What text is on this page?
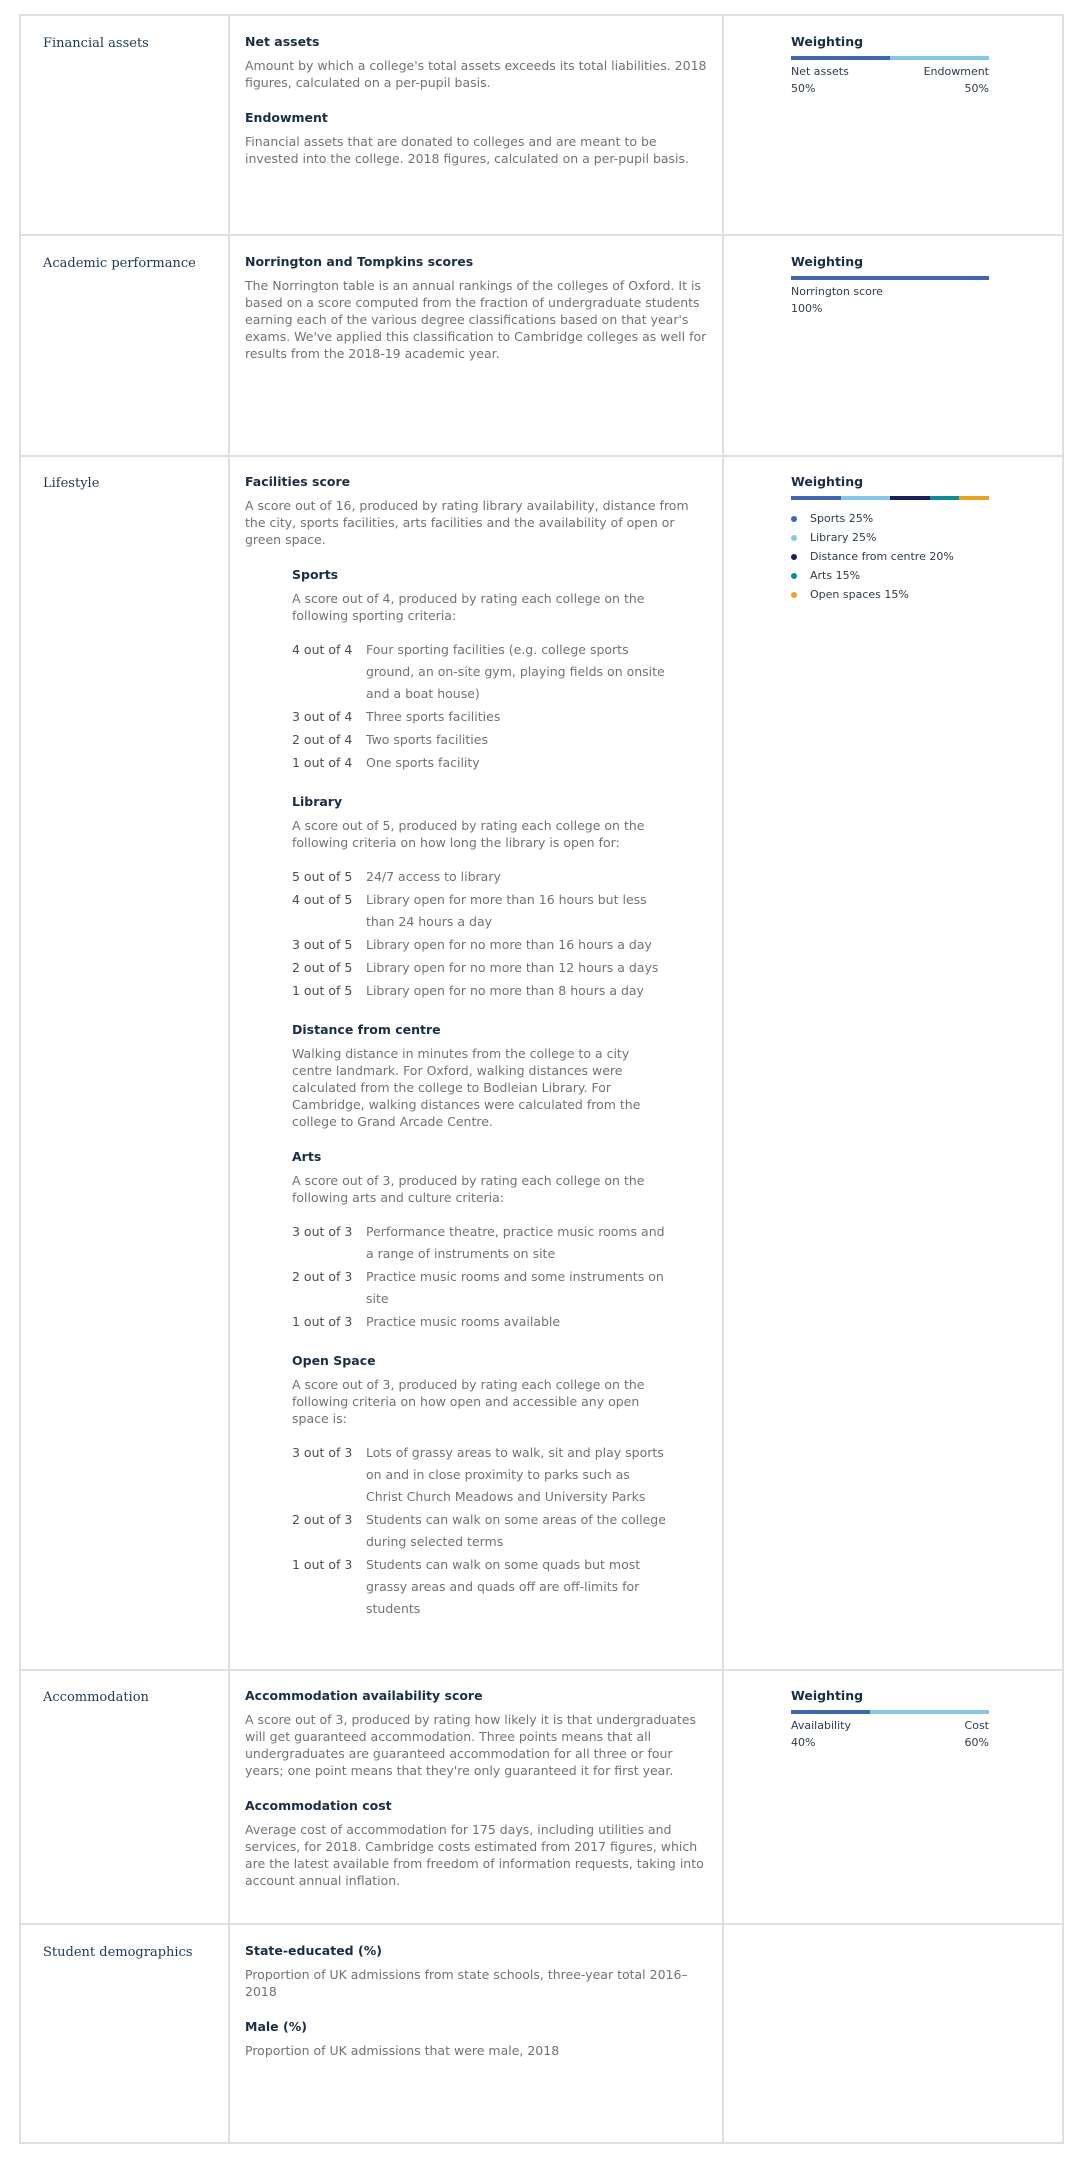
Financial assets	Net assets
Amount by which a college's total assets exceeds its total liabilities. 2018 figures, calculated on a per-pupil basis.
Endowment
Financial assets that are donated to colleges and are meant to be invested into the college. 2018 figures, calculated on a per-pupil basis.
Weighting
Net assets	Endowment
50%	50%
Academic performance	Norrington and Tompkins scores
The Norrington table is an annual rankings of the colleges of Oxford. It is based on a score computed from the fraction of undergraduate students earning each of the various degree classifications based on that year's exams. We've applied this classification to Cambridge colleges as well for results from the 2018-19 academic year.
Weighting
Norrington score
100%
Lifestyle	Facilities score
A score out of 16, produced by rating library availability, distance from the city, sports facilities, arts facilities and the availability of open or green space.
Sports
A score out of 4, produced by rating each college on the following sporting criteria:
4 out of 4	Four sporting facilities (e.g. college sports ground, an on-site gym, playing fields on onsite and a boat house)
3 out of 4	Three sports facilities
2 out of 4	Two sports facilities
1 out of 4	One sports facility
Library
A score out of 5, produced by rating each college on the following criteria on how long the library is open for:
5 out of 5	24/7 access to library
4 out of 5	Library open for more than 16 hours but less than 24 hours a day
3 out of 5	Library open for no more than 16 hours a day
2 out of 5	Library open for no more than 12 hours a days
1 out of 5	Library open for no more than 8 hours a day
Distance from centre
Walking distance in minutes from the college to a city centre landmark. For Oxford, walking distances were calculated from the college to Bodleian Library. For Cambridge, walking distances were calculated from the college to Grand Arcade Centre.
Arts
A score out of 3, produced by rating each college on the following arts and culture criteria:
3 out of 3	Performance theatre, practice music rooms and a range of instruments on site
2 out of 3	Practice music rooms and some instruments on site
1 out of 3	Practice music rooms available
Open Space
A score out of 3, produced by rating each college on the following criteria on how open and accessible any open space is:
3 out of 3	Lots of grassy areas to walk, sit and play sports on and in close proximity to parks such as Christ Church Meadows and University Parks
2 out of 3	Students can walk on some areas of the college during selected terms
1 out of 3	Students can walk on some quads but most grassy areas and quads off are off-limits for students
Weighting
Sports 25%
Library 25%
Distance from centre 20%
Arts 15%
Open spaces 15%
Accommodation	Accommodation availability score
A score out of 3, produced by rating how likely it is that undergraduates will get guaranteed accommodation. Three points means that all undergraduates are guaranteed accommodation for all three or four years; one point means that they're only guaranteed it for first year.
Accommodation cost
Average cost of accommodation for 175 days, including utilities and services, for 2018. Cambridge costs estimated from 2017 figures, which are the latest available from freedom of information requests, taking into account annual inflation.
Weighting
Availability	Cost
40%	60%
Student demographics	State-educated (%)
Proportion of UK admissions from state schools, three-year total 2016–2018
Male (%)
Proportion of UK admissions that were male, 2018
